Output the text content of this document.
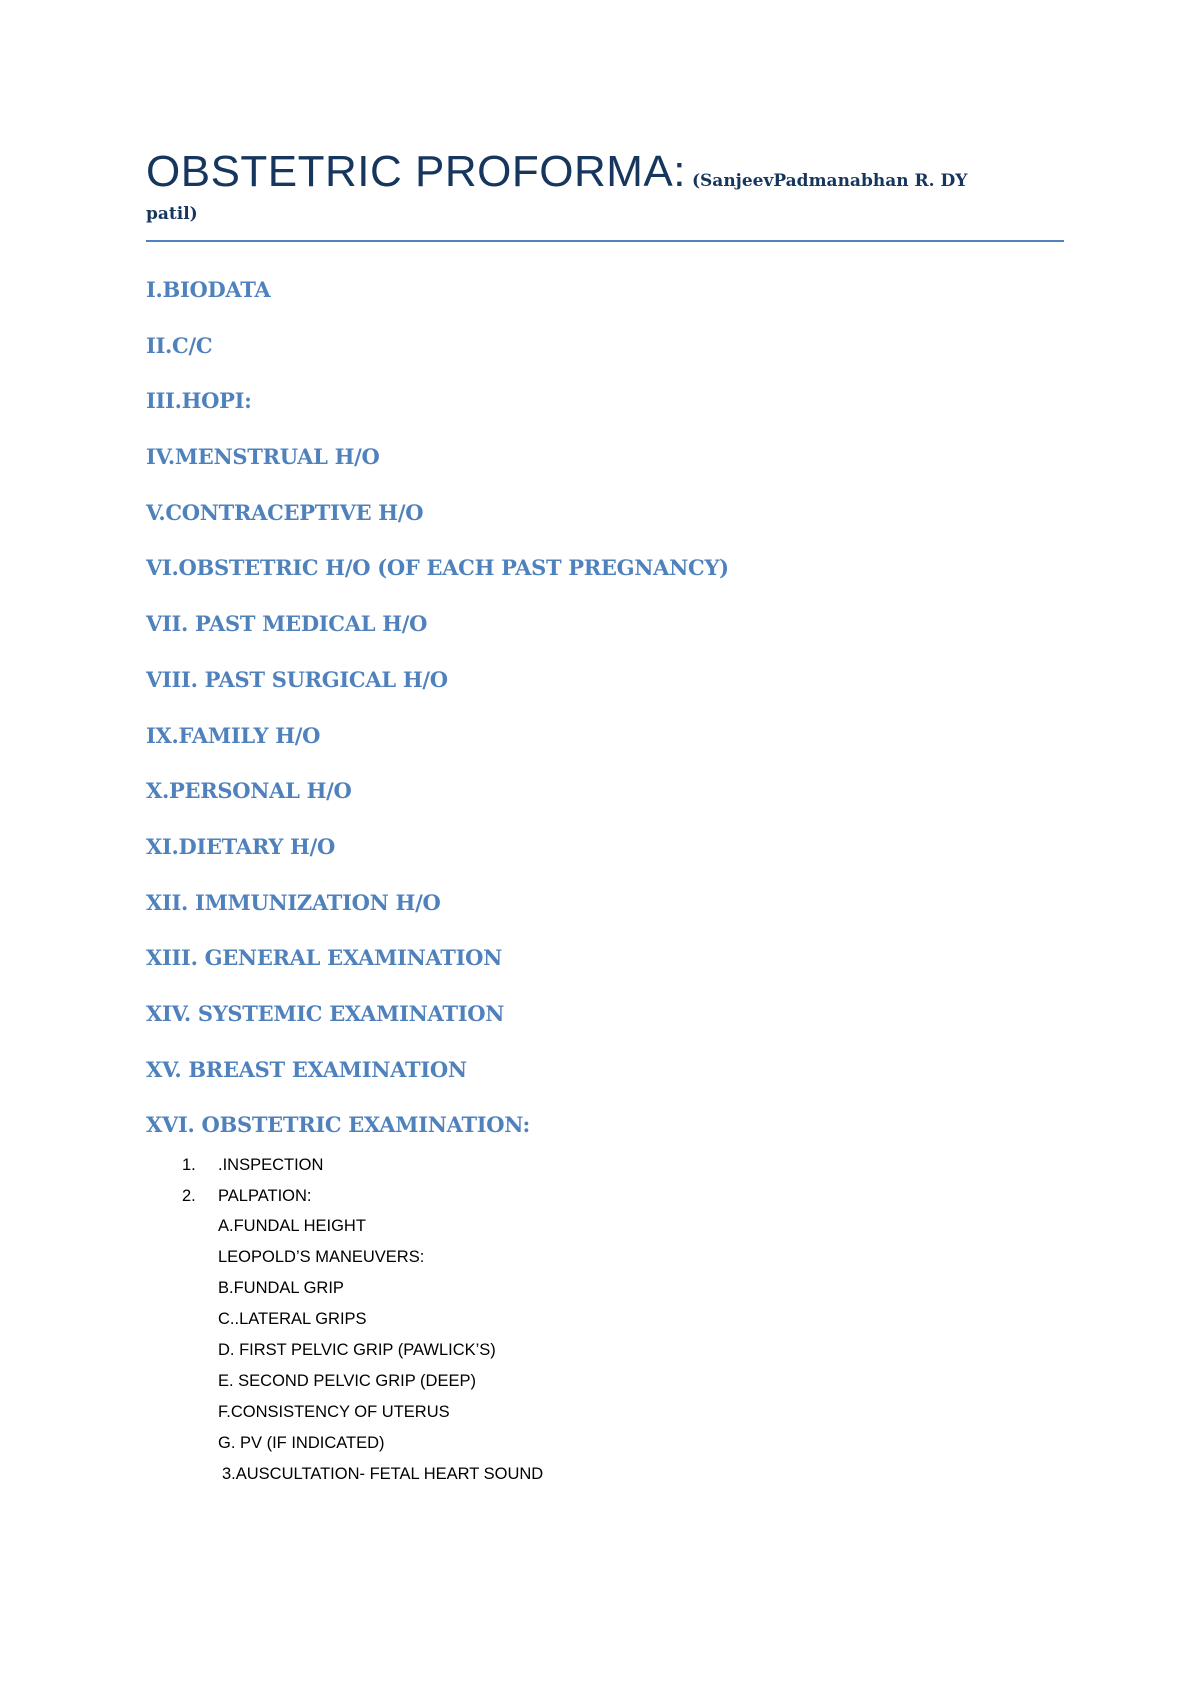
OBSTETRIC PROFORMA: (SanjeevPadmanabhan R. DY
patil)
I.BIODATA
II.C/C
III.HOPI:
IV.MENSTRUAL H/O
V.CONTRACEPTIVE H/O
VI.OBSTETRIC H/O (OF EACH PAST PREGNANCY)
VII. PAST MEDICAL H/O
VIII. PAST SURGICAL H/O
IX.FAMILY H/O
X.PERSONAL H/O
XI.DIETARY H/O
XII. IMMUNIZATION H/O
XIII. GENERAL EXAMINATION
XIV. SYSTEMIC EXAMINATION
XV. BREAST EXAMINATION
XVI. OBSTETRIC EXAMINATION:
1. .INSPECTION
2. PALPATION:
A.FUNDAL HEIGHT
LEOPOLD’S MANEUVERS:
B.FUNDAL GRIP
C..LATERAL GRIPS
D. FIRST PELVIC GRIP (PAWLICK’S)
E. SECOND PELVIC GRIP (DEEP)
F.CONSISTENCY OF UTERUS
G. PV (IF INDICATED)
3.AUSCULTATION- FETAL HEART SOUND
